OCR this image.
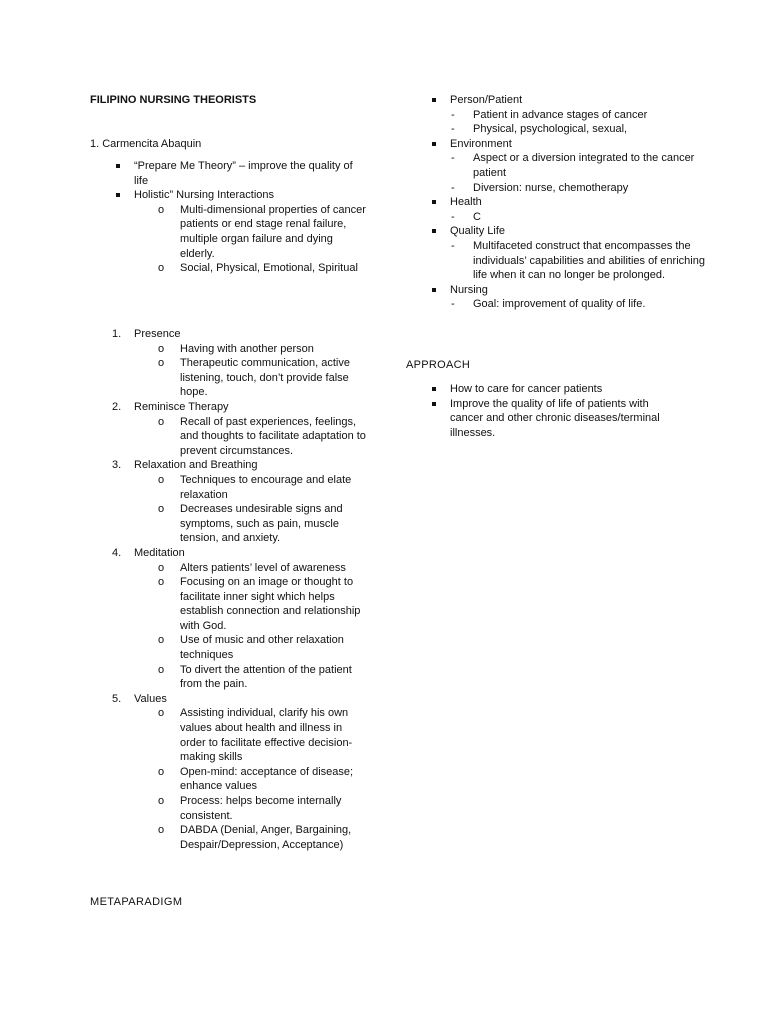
FILIPINO NURSING THEORISTS
1. Carmencita Abaquin
“Prepare Me Theory” – improve the quality of life
Holistic” Nursing Interactions
o Multi-dimensional properties of cancer patients or end stage renal failure, multiple organ failure and dying elderly.
o Social, Physical, Emotional, Spiritual
1. Presence
o Having with another person
o Therapeutic communication, active listening, touch, don’t provide false hope.
2. Reminisce Therapy
o Recall of past experiences, feelings, and thoughts to facilitate adaptation to prevent circumstances.
3. Relaxation and Breathing
o Techniques to encourage and elate relaxation
o Decreases undesirable signs and symptoms, such as pain, muscle tension, and anxiety.
4. Meditation
o Alters patients’ level of awareness
o Focusing on an image or thought to facilitate inner sight which helps establish connection and relationship with God.
o Use of music and other relaxation techniques
o To divert the attention of the patient from the pain.
5. Values
o Assisting individual, clarify his own values about health and illness in order to facilitate effective decision-making skills
o Open-mind: acceptance of disease; enhance values
o Process: helps become internally consistent.
o DABDA (Denial, Anger, Bargaining, Despair/Depression, Acceptance)
METAPARADIGM
Person/Patient
- Patient in advance stages of cancer
- Physical, psychological, sexual,
Environment
- Aspect or a diversion integrated to the cancer patient
- Diversion: nurse, chemotherapy
Health
- C
Quality Life
- Multifaceted construct that encompasses the individuals’ capabilities and abilities of enriching life when it can no longer be prolonged.
Nursing
- Goal: improvement of quality of life.
APPROACH
How to care for cancer patients
Improve the quality of life of patients with cancer and other chronic diseases/terminal illnesses.
